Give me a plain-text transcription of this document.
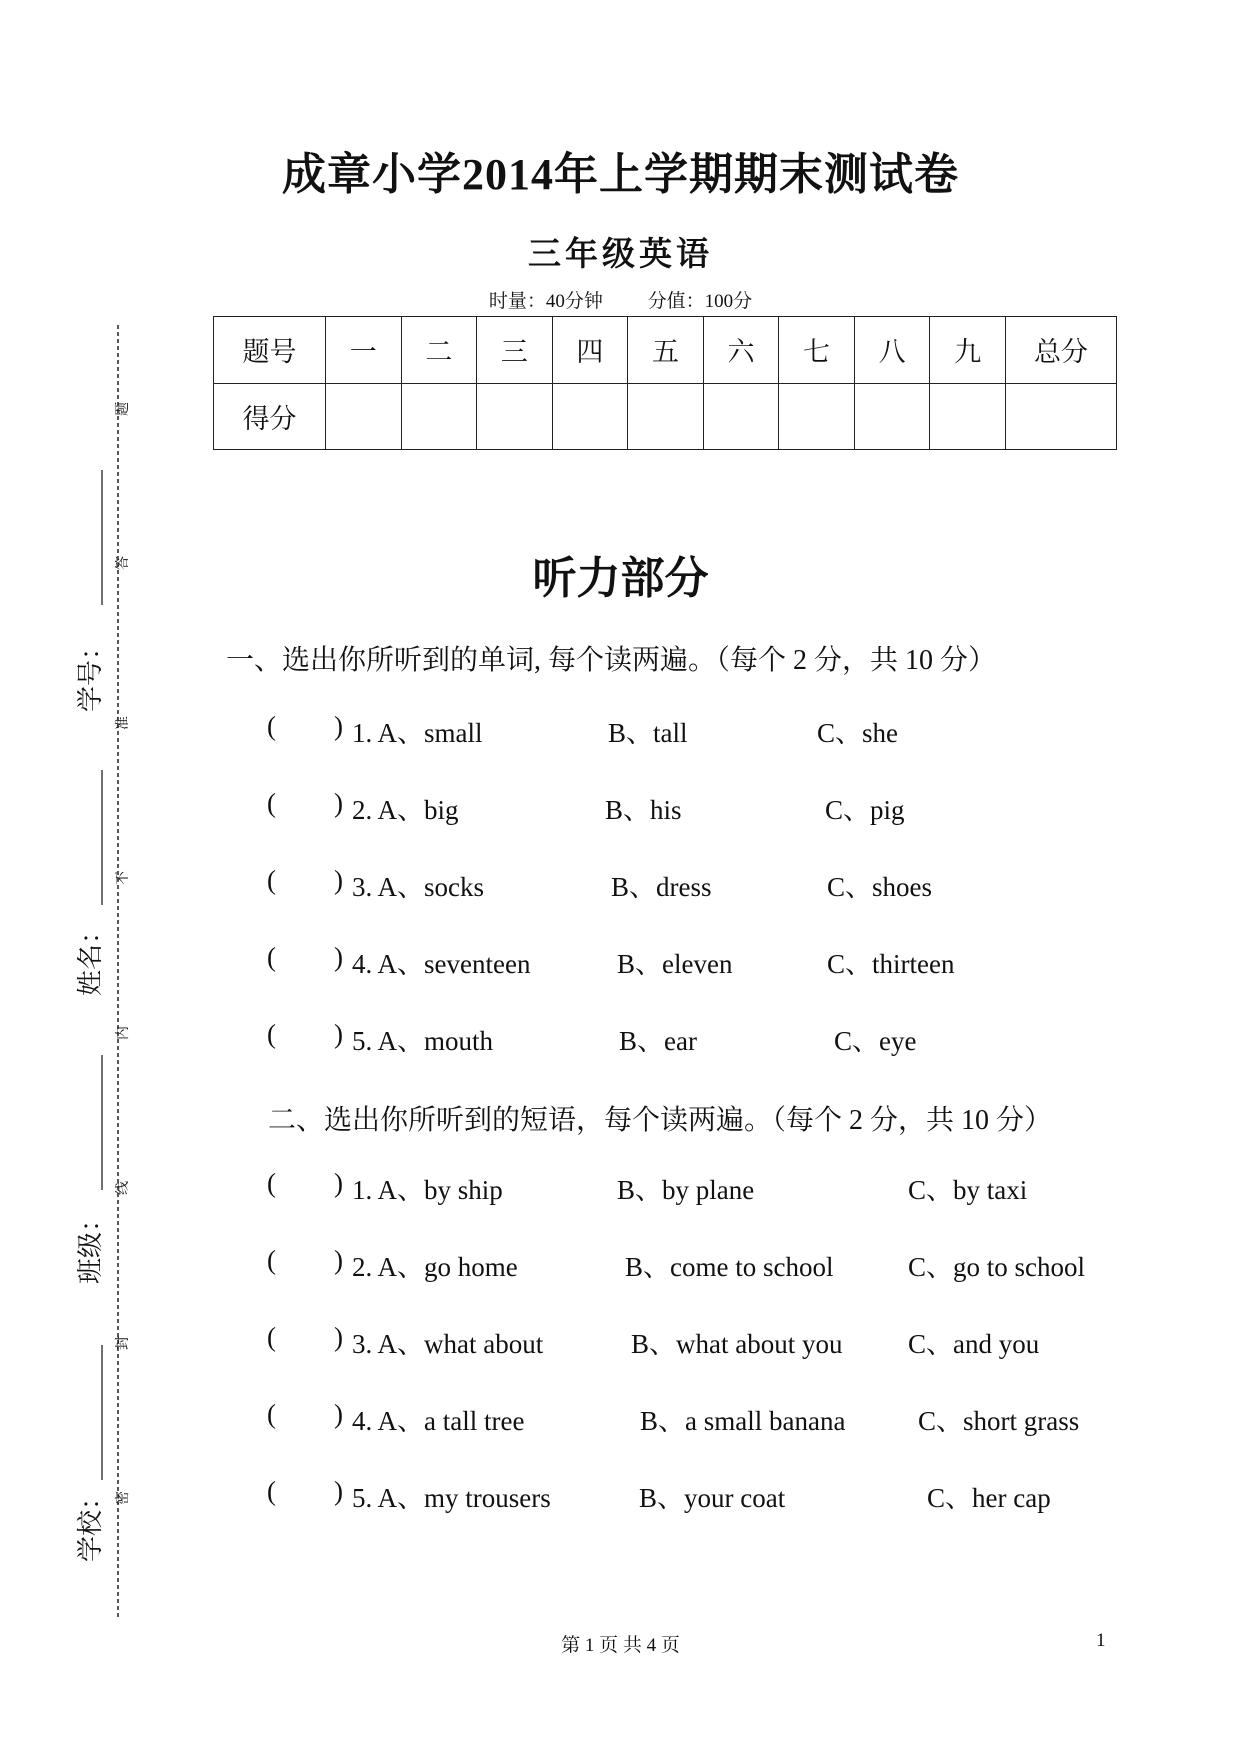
学号：
姓名：
班级：
学校：
题
答
准
不
内
线
封
密
成章小学2014年上学期期末测试卷
三年级英语
时量：40分钟 分值：100分
题号	一	二	三	四	五	六	七	八	九	总分
得分										
听力部分
一、选出你所听到的单词, 每个读两遍。（每个 2 分，共 10 分）
( ) 1. A、small	B、tall	C、she
( ) 2. A、big	B、his	C、pig
( ) 3. A、socks	B、dress	C、shoes
( ) 4. A、seventeen	B、eleven	C、thirteen
( ) 5. A、mouth	B、ear	C、eye
二、选出你所听到的短语，每个读两遍。（每个 2 分，共 10 分）
( ) 1. A、by ship	B、by plane	C、by taxi
( ) 2. A、go home	B、come to school	C、go to school
( ) 3. A、what about	B、what about you C、and you
( ) 4. A、a tall tree	B、a small banana	C、short grass
( ) 5. A、my trousers	B、your coat	C、her cap
第 1 页 共 4 页	1
